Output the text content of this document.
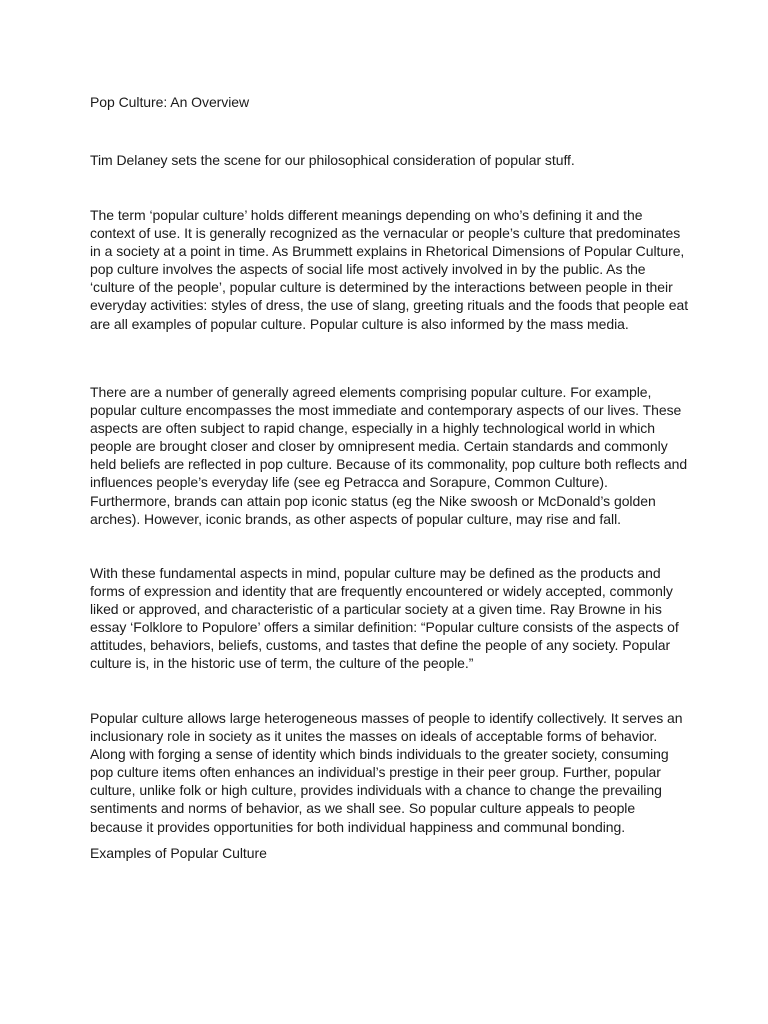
Pop Culture: An Overview

Tim Delaney sets the scene for our philosophical consideration of popular stuff.

The term ‘popular culture’ holds different meanings depending on who’s defining it and the context of use. It is generally recognized as the vernacular or people’s culture that predominates in a society at a point in time. As Brummett explains in Rhetorical Dimensions of Popular Culture, pop culture involves the aspects of social life most actively involved in by the public. As the ‘culture of the people’, popular culture is determined by the interactions between people in their everyday activities: styles of dress, the use of slang, greeting rituals and the foods that people eat are all examples of popular culture. Popular culture is also informed by the mass media.

There are a number of generally agreed elements comprising popular culture. For example, popular culture encompasses the most immediate and contemporary aspects of our lives. These aspects are often subject to rapid change, especially in a highly technological world in which people are brought closer and closer by omnipresent media. Certain standards and commonly held beliefs are reflected in pop culture. Because of its commonality, pop culture both reflects and influences people’s everyday life (see eg Petracca and Sorapure, Common Culture). Furthermore, brands can attain pop iconic status (eg the Nike swoosh or McDonald’s golden arches). However, iconic brands, as other aspects of popular culture, may rise and fall.

With these fundamental aspects in mind, popular culture may be defined as the products and forms of expression and identity that are frequently encountered or widely accepted, commonly liked or approved, and characteristic of a particular society at a given time. Ray Browne in his essay ‘Folklore to Populore’ offers a similar definition: “Popular culture consists of the aspects of attitudes, behaviors, beliefs, customs, and tastes that define the people of any society. Popular culture is, in the historic use of term, the culture of the people.”

Popular culture allows large heterogeneous masses of people to identify collectively. It serves an inclusionary role in society as it unites the masses on ideals of acceptable forms of behavior. Along with forging a sense of identity which binds individuals to the greater society, consuming pop culture items often enhances an individual’s prestige in their peer group. Further, popular culture, unlike folk or high culture, provides individuals with a chance to change the prevailing sentiments and norms of behavior, as we shall see. So popular culture appeals to people because it provides opportunities for both individual happiness and communal bonding.

Examples of Popular Culture
